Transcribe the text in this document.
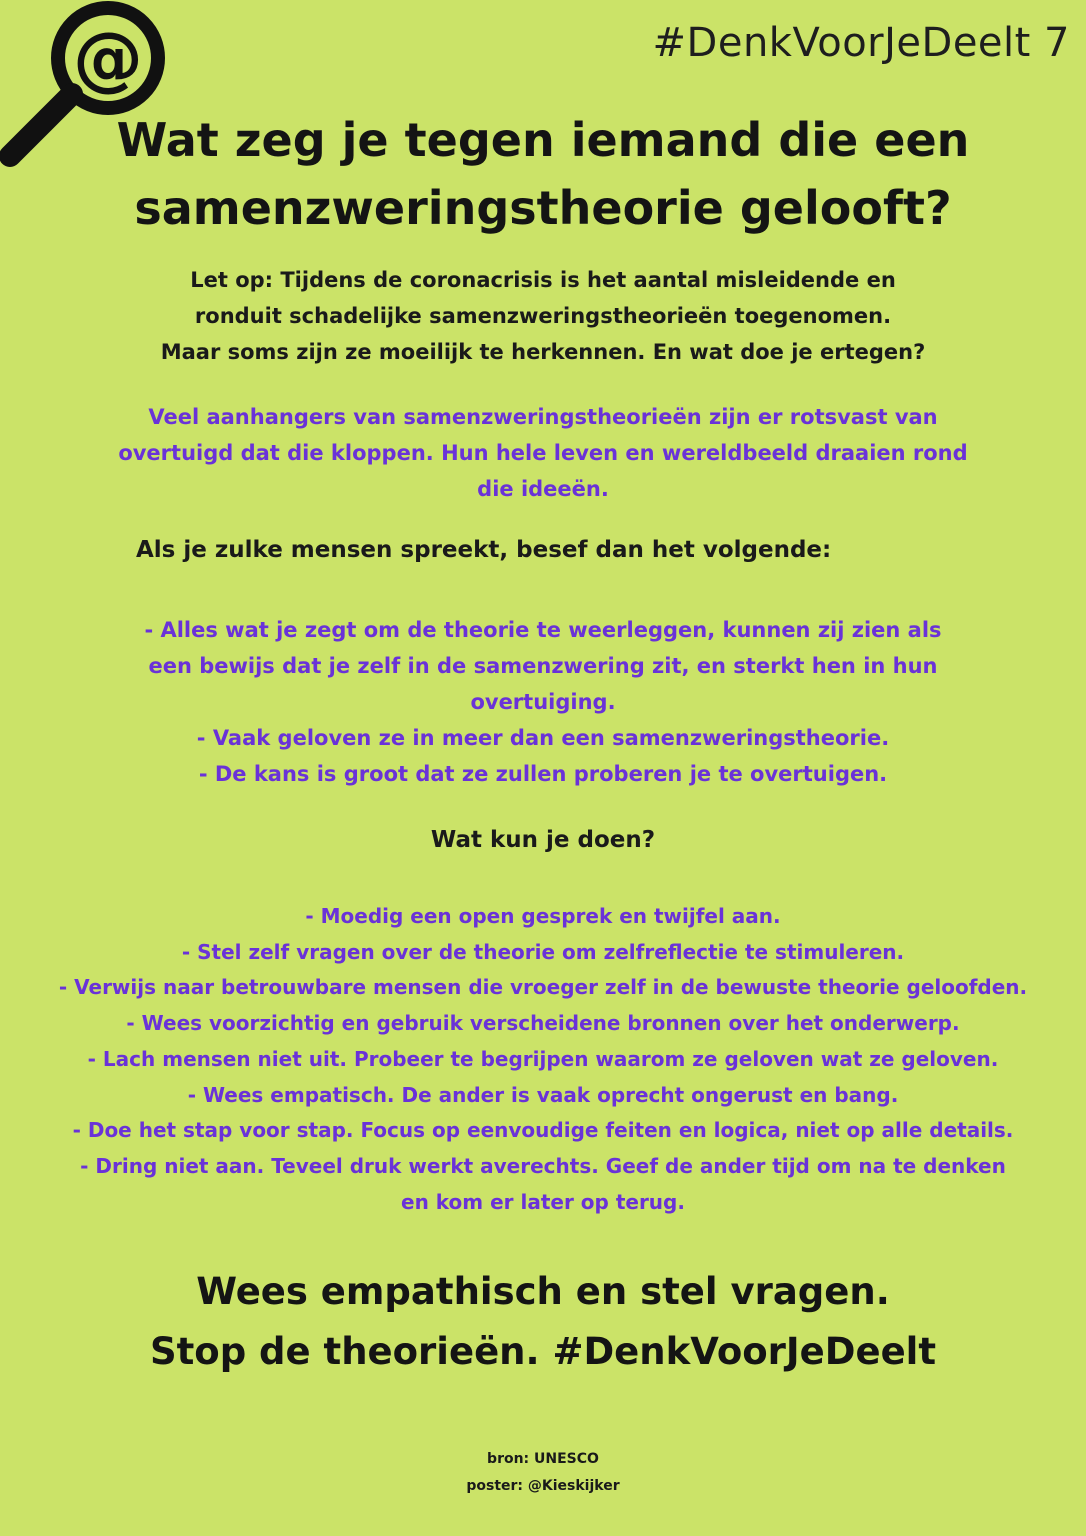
@	#DenkVoorJeDeelt 7
Wat zeg je tegen iemand die een
samenzweringstheorie gelooft?
Let op: Tijdens de coronacrisis is het aantal misleidende en
ronduit schadelijke samenzweringstheorieën toegenomen.
Maar soms zijn ze moeilijk te herkennen. En wat doe je ertegen?
Veel aanhangers van samenzweringstheorieën zijn er rotsvast van
overtuigd dat die kloppen. Hun hele leven en wereldbeeld draaien rond
die ideeën.
Als je zulke mensen spreekt, besef dan het volgende:
- Alles wat je zegt om de theorie te weerleggen, kunnen zij zien als
een bewijs dat je zelf in de samenzwering zit, en sterkt hen in hun
overtuiging.
- Vaak geloven ze in meer dan een samenzweringstheorie.
- De kans is groot dat ze zullen proberen je te overtuigen.
Wat kun je doen?
- Moedig een open gesprek en twijfel aan.
- Stel zelf vragen over de theorie om zelfreflectie te stimuleren.
- Verwijs naar betrouwbare mensen die vroeger zelf in de bewuste theorie geloofden.
- Wees voorzichtig en gebruik verscheidene bronnen over het onderwerp.
- Lach mensen niet uit. Probeer te begrijpen waarom ze geloven wat ze geloven.
- Wees empatisch. De ander is vaak oprecht ongerust en bang.
- Doe het stap voor stap. Focus op eenvoudige feiten en logica, niet op alle details.
- Dring niet aan. Teveel druk werkt averechts. Geef de ander tijd om na te denken
en kom er later op terug.
Wees empathisch en stel vragen.
Stop de theorieën. #DenkVoorJeDeelt
bron: UNESCO
poster: @Kieskijker
